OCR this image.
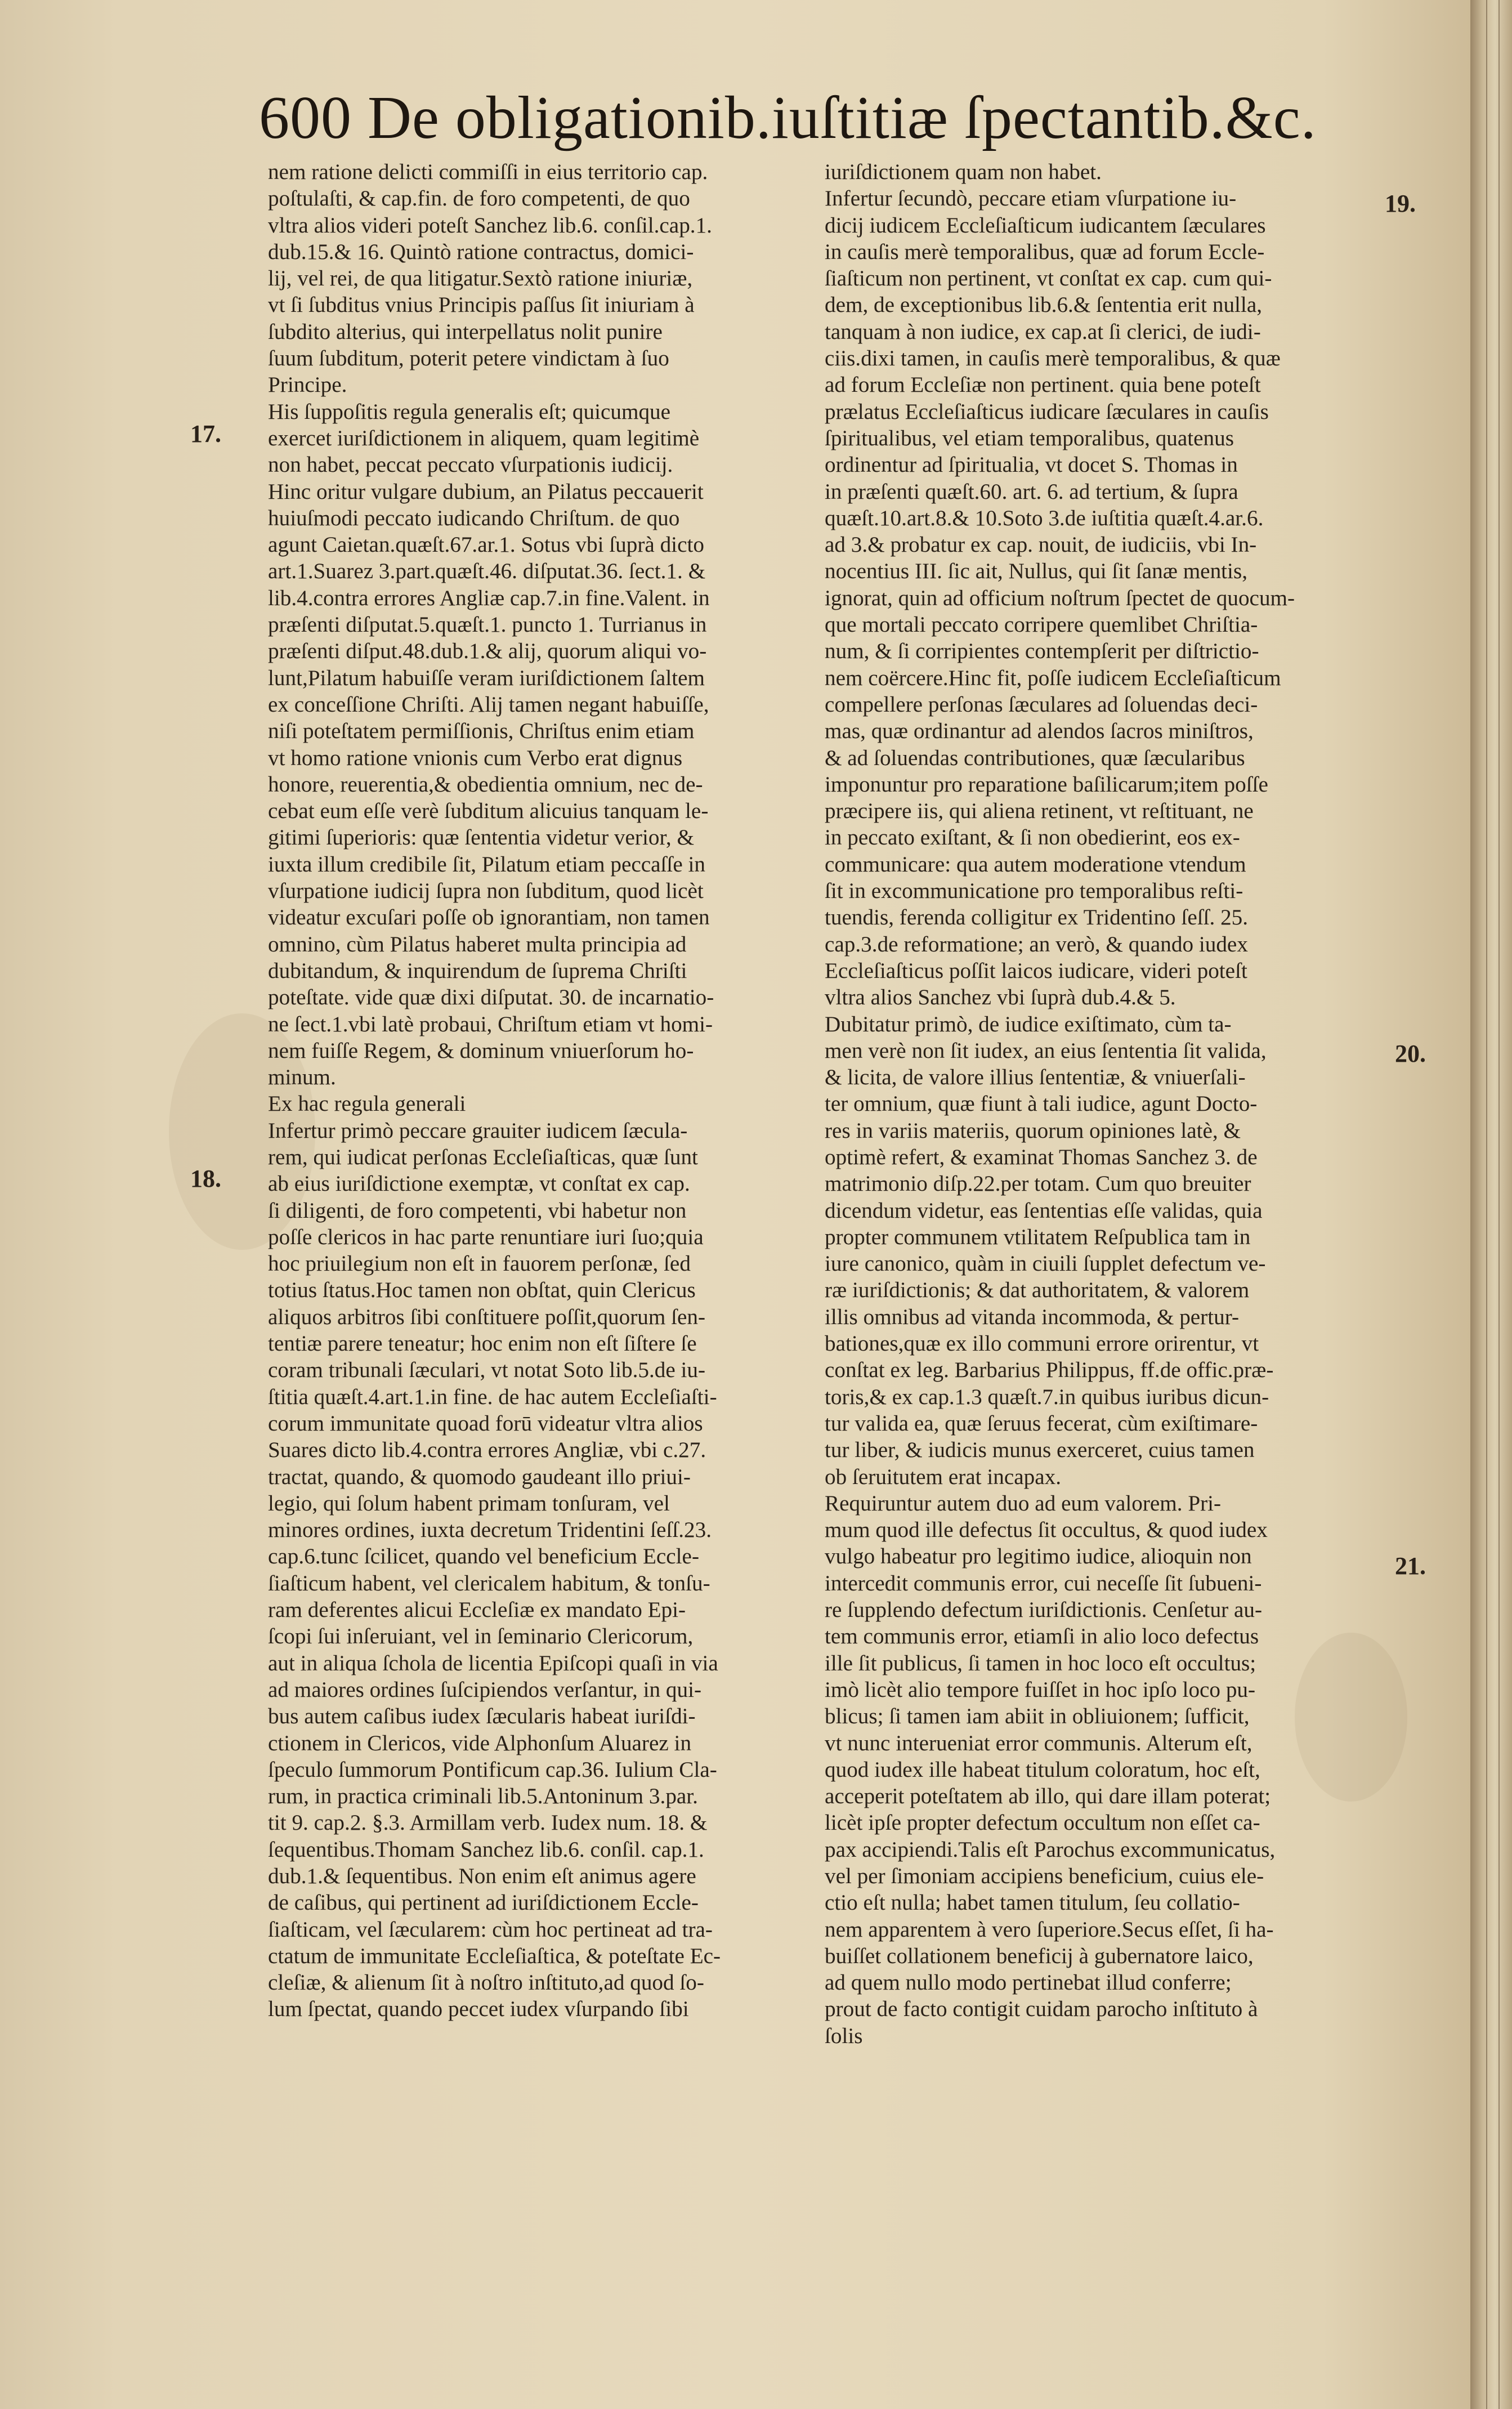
600 De obligationib.iuſtitiæ ſpectantib.&c.
17.
18.
19.
20.
21.
nem ratione delicti commiſſi in eius territorio cap.
poſtulaſti, & cap.fin. de foro competenti, de quo
vltra alios videri poteſt Sanchez lib.6. conſil.cap.1.
dub.15.& 16. Quintò ratione contractus, domici-
lij, vel rei, de qua litigatur.Sextò ratione iniuriæ,
vt ſi ſubditus vnius Principis paſſus ſit iniuriam à
ſubdito alterius, qui interpellatus nolit punire
ſuum ſubditum, poterit petere vindictam à ſuo
Principe.
His ſuppoſitis regula generalis eſt; quicumque
exercet iuriſdictionem in aliquem, quam legitimè
non habet, peccat peccato vſurpationis iudicij.
Hinc oritur vulgare dubium, an Pilatus peccauerit
huiuſmodi peccato iudicando Chriſtum. de quo
agunt Caietan.quæſt.67.ar.1. Sotus vbi ſuprà dicto
art.1.Suarez 3.part.quæſt.46. diſputat.36. ſect.1. &
lib.4.contra errores Angliæ cap.7.in fine.Valent. in
præſenti diſputat.5.quæſt.1. puncto 1. Turrianus in
præſenti diſput.48.dub.1.& alij, quorum aliqui vo-
lunt,Pilatum habuiſſe veram iuriſdictionem ſaltem
ex conceſſione Chriſti. Alij tamen negant habuiſſe,
niſi poteſtatem permiſſionis, Chriſtus enim etiam
vt homo ratione vnionis cum Verbo erat dignus
honore, reuerentia,& obedientia omnium, nec de-
cebat eum eſſe verè ſubditum alicuius tanquam le-
gitimi ſuperioris: quæ ſententia videtur verior, &
iuxta illum credibile ſit, Pilatum etiam peccaſſe in
vſurpatione iudicij ſupra non ſubditum, quod licèt
videatur excuſari poſſe ob ignorantiam, non tamen
omnino, cùm Pilatus haberet multa principia ad
dubitandum, & inquirendum de ſuprema Chriſti
poteſtate. vide quæ dixi diſputat. 30. de incarnatio-
ne ſect.1.vbi latè probaui, Chriſtum etiam vt homi-
nem fuiſſe Regem, & dominum vniuerſorum ho-
minum.
Ex hac regula generali
Infertur primò peccare grauiter iudicem ſæcula-
rem, qui iudicat perſonas Eccleſiaſticas, quæ ſunt
ab eius iuriſdictione exemptæ, vt conſtat ex cap.
ſi diligenti, de foro competenti, vbi habetur non
poſſe clericos in hac parte renuntiare iuri ſuo;quia
hoc priuilegium non eſt in fauorem perſonæ, ſed
totius ſtatus.Hoc tamen non obſtat, quin Clericus
aliquos arbitros ſibi conſtituere poſſit,quorum ſen-
tentiæ parere teneatur; hoc enim non eſt ſiſtere ſe
coram tribunali ſæculari, vt notat Soto lib.5.de iu-
ſtitia quæſt.4.art.1.in fine. de hac autem Eccleſiaſti-
corum immunitate quoad forū videatur vltra alios
Suares dicto lib.4.contra errores Angliæ, vbi c.27.
tractat, quando, & quomodo gaudeant illo priui-
legio, qui ſolum habent primam tonſuram, vel
minores ordines, iuxta decretum Tridentini ſeſſ.23.
cap.6.tunc ſcilicet, quando vel beneficium Eccle-
ſiaſticum habent, vel clericalem habitum, & tonſu-
ram deferentes alicui Eccleſiæ ex mandato Epi-
ſcopi ſui inſeruiant, vel in ſeminario Clericorum,
aut in aliqua ſchola de licentia Epiſcopi quaſi in via
ad maiores ordines ſuſcipiendos verſantur, in qui-
bus autem caſibus iudex ſæcularis habeat iuriſdi-
ctionem in Clericos, vide Alphonſum Aluarez in
ſpeculo ſummorum Pontificum cap.36. Iulium Cla-
rum, in practica criminali lib.5.Antoninum 3.par.
tit 9. cap.2. §.3. Armillam verb. Iudex num. 18. &
ſequentibus.Thomam Sanchez lib.6. conſil. cap.1.
dub.1.& ſequentibus. Non enim eſt animus agere
de caſibus, qui pertinent ad iuriſdictionem Eccle-
ſiaſticam, vel ſæcularem: cùm hoc pertineat ad tra-
ctatum de immunitate Eccleſiaſtica, & poteſtate Ec-
cleſiæ, & alienum ſit à noſtro inſtituto,ad quod ſo-
lum ſpectat, quando peccet iudex vſurpando ſibi
iuriſdictionem quam non habet.
Infertur ſecundò, peccare etiam vſurpatione iu-
dicij iudicem Eccleſiaſticum iudicantem ſæculares
in cauſis merè temporalibus, quæ ad forum Eccle-
ſiaſticum non pertinent, vt conſtat ex cap. cum qui-
dem, de exceptionibus lib.6.& ſententia erit nulla,
tanquam à non iudice, ex cap.at ſi clerici, de iudi-
ciis.dixi tamen, in cauſis merè temporalibus, & quæ
ad forum Eccleſiæ non pertinent. quia bene poteſt
prælatus Eccleſiaſticus iudicare ſæculares in cauſis
ſpiritualibus, vel etiam temporalibus, quatenus
ordinentur ad ſpiritualia, vt docet S. Thomas in
in præſenti quæſt.60. art. 6. ad tertium, & ſupra
quæſt.10.art.8.& 10.Soto 3.de iuſtitia quæſt.4.ar.6.
ad 3.& probatur ex cap. nouit, de iudiciis, vbi In-
nocentius III. ſic ait, Nullus, qui ſit ſanæ mentis,
ignorat, quin ad officium noſtrum ſpectet de quocum-
que mortali peccato corripere quemlibet Chriſtia-
num, & ſi corripientes contempſerit per diſtrictio-
nem coërcere.Hinc fit, poſſe iudicem Eccleſiaſticum
compellere perſonas ſæculares ad ſoluendas deci-
mas, quæ ordinantur ad alendos ſacros miniſtros,
& ad ſoluendas contributiones, quæ ſæcularibus
imponuntur pro reparatione baſilicarum;item poſſe
præcipere iis, qui aliena retinent, vt reſtituant, ne
in peccato exiſtant, & ſi non obedierint, eos ex-
communicare: qua autem moderatione vtendum
ſit in excommunicatione pro temporalibus reſti-
tuendis, ferenda colligitur ex Tridentino ſeſſ. 25.
cap.3.de reformatione; an verò, & quando iudex
Eccleſiaſticus poſſit laicos iudicare, videri poteſt
vltra alios Sanchez vbi ſuprà dub.4.& 5.
Dubitatur primò, de iudice exiſtimato, cùm ta-
men verè non ſit iudex, an eius ſententia ſit valida,
& licita, de valore illius ſententiæ, & vniuerſali-
ter omnium, quæ fiunt à tali iudice, agunt Docto-
res in variis materiis, quorum opiniones latè, &
optimè refert, & examinat Thomas Sanchez 3. de
matrimonio diſp.22.per totam. Cum quo breuiter
dicendum videtur, eas ſententias eſſe validas, quia
propter communem vtilitatem Reſpublica tam in
iure canonico, quàm in ciuili ſupplet defectum ve-
ræ iuriſdictionis; & dat authoritatem, & valorem
illis omnibus ad vitanda incommoda, & pertur-
bationes,quæ ex illo communi errore orirentur, vt
conſtat ex leg. Barbarius Philippus, ff.de offic.præ-
toris,& ex cap.1.3 quæſt.7.in quibus iuribus dicun-
tur valida ea, quæ ſeruus fecerat, cùm exiſtimare-
tur liber, & iudicis munus exerceret, cuius tamen
ob ſeruitutem erat incapax.
Requiruntur autem duo ad eum valorem. Pri-
mum quod ille defectus ſit occultus, & quod iudex
vulgo habeatur pro legitimo iudice, alioquin non
intercedit communis error, cui neceſſe ſit ſubueni-
re ſupplendo defectum iuriſdictionis. Cenſetur au-
tem communis error, etiamſi in alio loco defectus
ille ſit publicus, ſi tamen in hoc loco eſt occultus;
imò licèt alio tempore fuiſſet in hoc ipſo loco pu-
blicus; ſi tamen iam abiit in obliuionem; ſufficit,
vt nunc interueniat error communis. Alterum eſt,
quod iudex ille habeat titulum coloratum, hoc eſt,
acceperit poteſtatem ab illo, qui dare illam poterat;
licèt ipſe propter defectum occultum non eſſet ca-
pax accipiendi.Talis eſt Parochus excommunicatus,
vel per ſimoniam accipiens beneficium, cuius ele-
ctio eſt nulla; habet tamen titulum, ſeu collatio-
nem apparentem à vero ſuperiore.Secus eſſet, ſi ha-
buiſſet collationem beneficij à gubernatore laico,
ad quem nullo modo pertinebat illud conferre;
prout de facto contigit cuidam parocho inſtituto à
ſolis
